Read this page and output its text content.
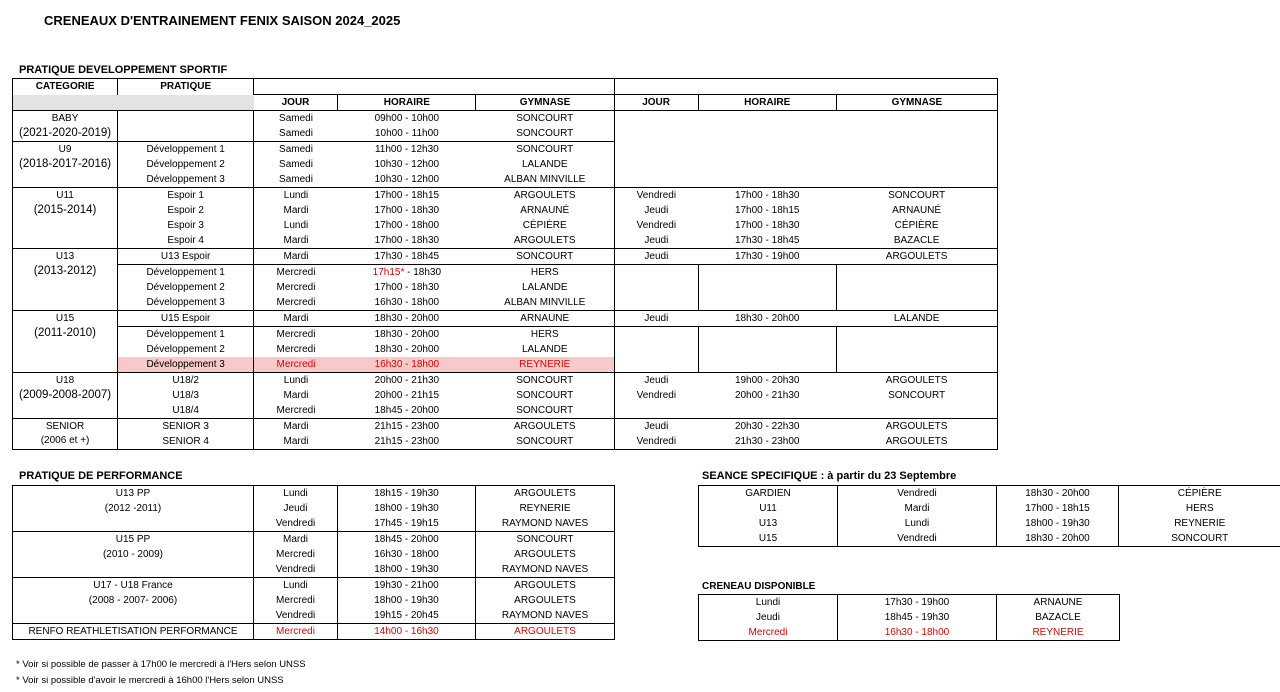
CRENEAUX D'ENTRAINEMENT FENIX SAISON 2024_2025
PRATIQUE DEVELOPPEMENT SPORTIF
CATEGORIE	PRATIQUE						
		JOUR	HORAIRE	GYMNASE	JOUR	HORAIRE	GYMNASE

BABY
(2021-2020-2019)		Samedi	09h00 - 10h00	SONCOURT			
		Samedi	10h00 - 11h00	SONCOURT			

U9
(2018-2017-2016)	Développement 1	Samedi	11h00 - 12h30	SONCOURT			
	Développement 2	Samedi	10h30 - 12h00	LALANDE			
	Développement 3	Samedi	10h30 - 12h00	ALBAN MINVILLE			

U11
(2015-2014)	Espoir 1	Lundi	17h00 - 18h15	ARGOULETS	Vendredi	17h00 - 18h30	SONCOURT
	Espoir 2	Mardi	17h00 - 18h30	ARNAUNÉ	Jeudi	17h00 - 18h15	ARNAUNÉ
	Espoir 3	Lundi	17h00 - 18h00	CÉPIÈRE	Vendredi	17h00 - 18h30	CÉPIÈRE
	Espoir 4	Mardi	17h00 - 18h30	ARGOULETS	Jeudi	17h30 - 18h45	BAZACLE

U13
(2013-2012)	U13 Espoir	Mardi	17h30 - 18h45	SONCOURT	Jeudi	17h30 - 19h00	ARGOULETS
	Développement 1	Mercredi	17h15* - 18h30	HERS			
	Développement 2	Mercredi	17h00 - 18h30	LALANDE			
	Développement 3	Mercredi	16h30 - 18h00	ALBAN MINVILLE			

U15
(2011-2010)	U15 Espoir	Mardi	18h30 - 20h00	ARNAUNE	Jeudi	18h30 - 20h00	LALANDE
	Développement 1	Mercredi	18h30 - 20h00	HERS			
	Développement 2	Mercredi	18h30 - 20h00	LALANDE			
	Développement 3	Mercredi	16h30 - 18h00	REYNERIE			

U18
(2009-2008-2007)	U18/2	Lundi	20h00 - 21h30	SONCOURT	Jeudi	19h00 - 20h30	ARGOULETS
	U18/3	Mardi	20h00 - 21h15	SONCOURT	Vendredi	20h00 - 21h30	SONCOURT
	U18/4	Mercredi	18h45 - 20h00	SONCOURT			

SENIOR
(2006 et +)	SENIOR 3	Mardi	21h15 - 23h00	ARGOULETS	Jeudi	20h30 - 22h30	ARGOULETS
	SENIOR 4	Mardi	21h15 - 23h00	SONCOURT	Vendredi	21h30 - 23h00	ARGOULETS
PRATIQUE DE PERFORMANCE
U13 PP
(2012 -2011)	Lundi	18h15 - 19h30	ARGOULETS
	Jeudi	18h00 - 19h30	REYNERIE
	Vendredi	17h45 - 19h15	RAYMOND NAVES

U15 PP
(2010 - 2009)	Mardi	18h45 - 20h00	SONCOURT
	Mercredi	16h30 - 18h00	ARGOULETS
	Vendredi	18h00 - 19h30	RAYMOND NAVES

U17 - U18 France
(2008 - 2007- 2006)	Lundi	19h30 - 21h00	ARGOULETS
	Mercredi	18h00 - 19h30	ARGOULETS
	Vendredi	19h15 - 20h45	RAYMOND NAVES
RENFO REATHLETISATION PERFORMANCE	Mercredi	14h00 - 16h30	ARGOULETS
SEANCE SPECIFIQUE : à partir du 23 Septembre
GARDIEN	Vendredi	18h30 - 20h00	CÉPIÈRE
U11	Mardi	17h00 - 18h15	HERS
U13	Lundi	18h00 - 19h30	REYNERIE
U15	Vendredi	18h30 - 20h00	SONCOURT
CRENEAU DISPONIBLE
Lundi	17h30 - 19h00	ARNAUNE
Jeudi	18h45 - 19h30	BAZACLE
Mercredi	16h30 - 18h00	REYNERIE
* Voir si possible de passer à 17h00 le mercredi à l'Hers selon UNSS
* Voir si possible d'avoir le mercredi à 16h00 l'Hers selon UNSS
